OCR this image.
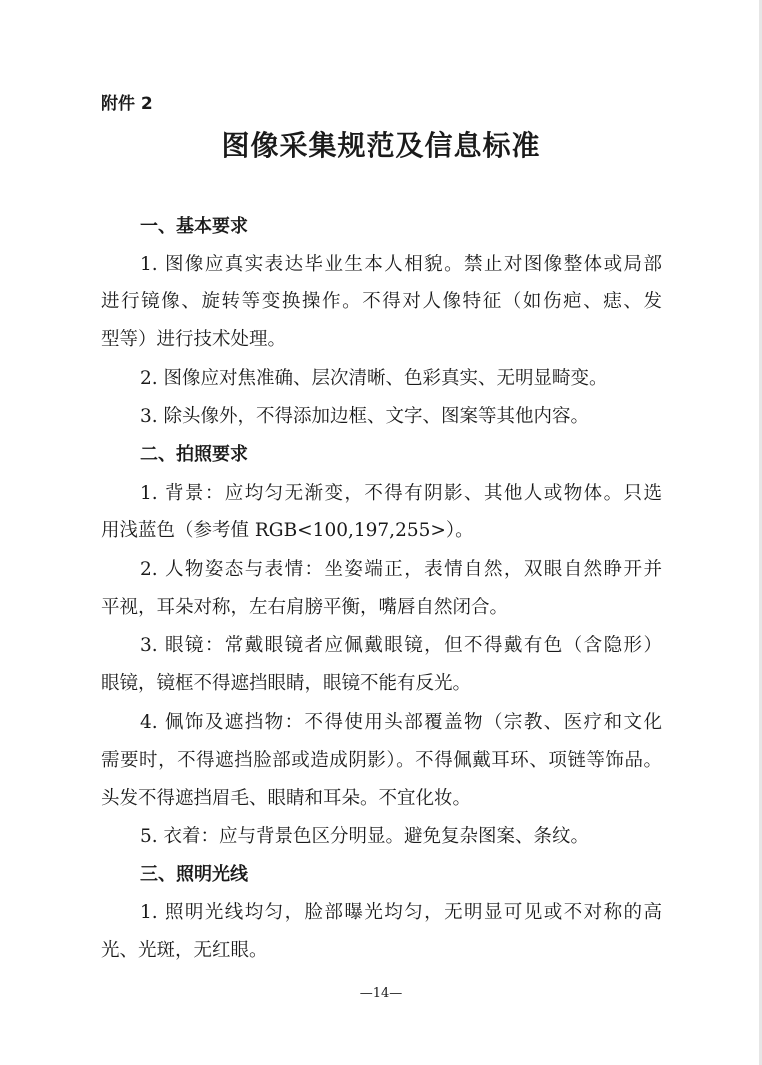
附件 2
图像采集规范及信息标准
一、基本要求
1. 图像应真实表达毕业生本人相貌。禁止对图像整体或局部
进行镜像、旋转等变换操作。不得对人像特征（如伤疤、痣、发
型等）进行技术处理。
2. 图像应对焦准确、层次清晰、色彩真实、无明显畸变。
3. 除头像外，不得添加边框、文字、图案等其他内容。
二、拍照要求
1. 背景：应均匀无渐变，不得有阴影、其他人或物体。只选
用浅蓝色（参考值 RGB<100,197,255>）。
2. 人物姿态与表情：坐姿端正，表情自然，双眼自然睁开并
平视，耳朵对称，左右肩膀平衡，嘴唇自然闭合。
3. 眼镜：常戴眼镜者应佩戴眼镜，但不得戴有色（含隐形）
眼镜，镜框不得遮挡眼睛，眼镜不能有反光。
4. 佩饰及遮挡物：不得使用头部覆盖物（宗教、医疗和文化
需要时，不得遮挡脸部或造成阴影）。不得佩戴耳环、项链等饰品。
头发不得遮挡眉毛、眼睛和耳朵。不宜化妆。
5. 衣着：应与背景色区分明显。避免复杂图案、条纹。
三、照明光线
1. 照明光线均匀，脸部曝光均匀，无明显可见或不对称的高
光、光斑，无红眼。
—14—
